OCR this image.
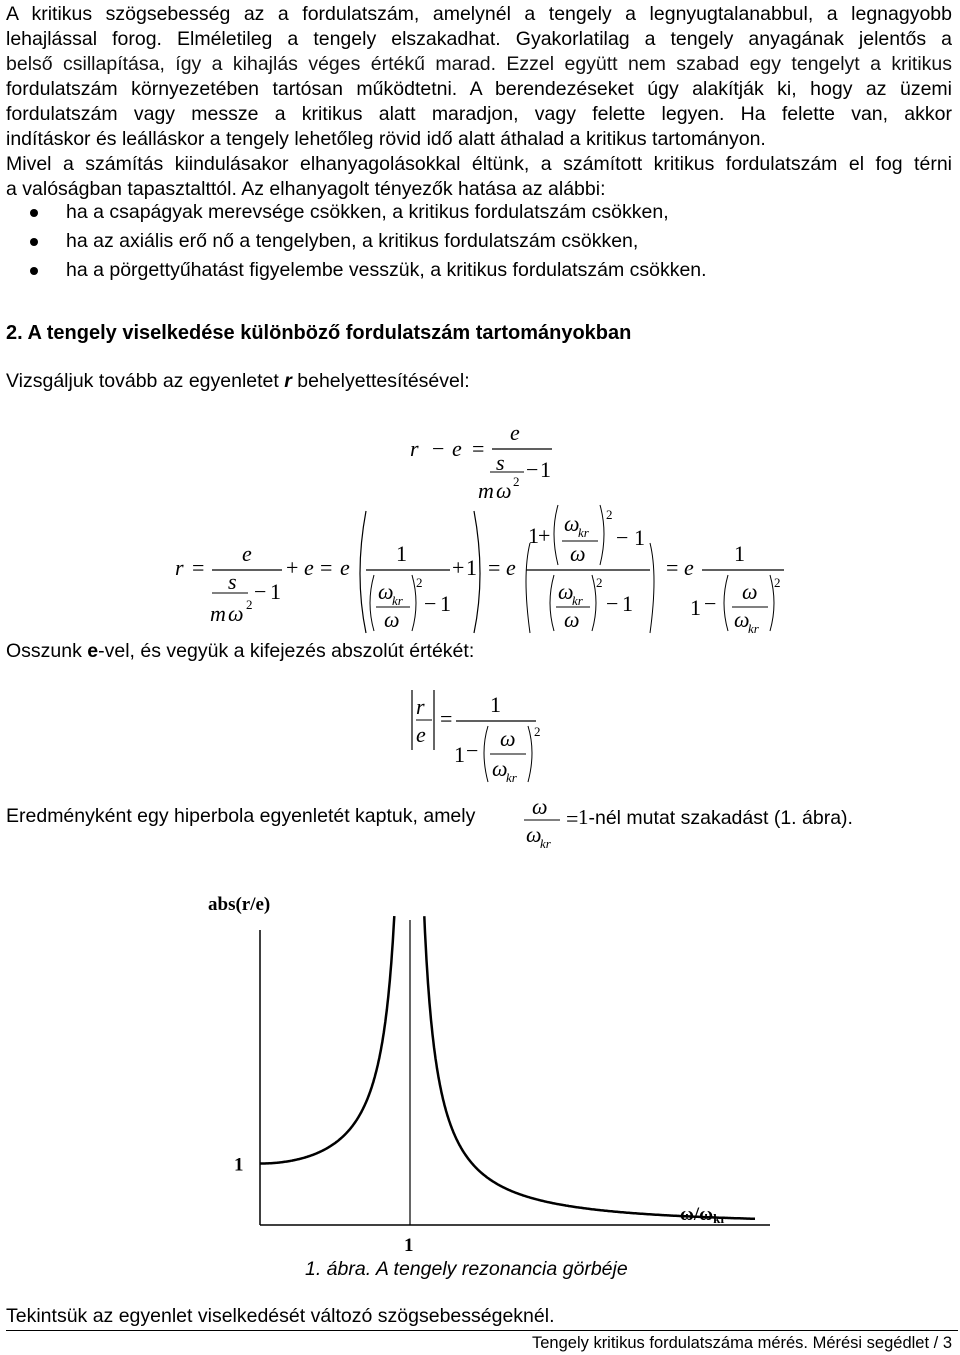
A kritikus szögsebesség az a fordulatszám, amelynél a tengely a legnyugtalanabbul, a legnagyobb
lehajlással forog. Elméletileg a tengely elszakadhat. Gyakorlatilag a tengely anyagának jelentős a
belső csillapítása, így a kihajlás véges értékű marad. Ezzel együtt nem szabad egy tengelyt a kritikus
fordulatszám környezetében tartósan működtetni. A berendezéseket úgy alakítják ki, hogy az üzemi
fordulatszám vagy messze a kritikus alatt maradjon, vagy felette legyen. Ha felette van, akkor
indításkor és leálláskor a tengely lehetőleg rövid idő alatt áthalad a kritikus tartományon.
Mivel a számítás kiindulásakor elhanyagolásokkal éltünk, a számított kritikus fordulatszám el fog térni
a valóságban tapasztalttól. Az elhanyagolt tényezők hatása az alábbi:
ha a csapágyak merevsége csökken, a kritikus fordulatszám csökken,
ha az axiális erő nő a tengelyben, a kritikus fordulatszám csökken,
ha a pörgettyűhatást figyelembe vesszük, a kritikus fordulatszám csökken.
2. A tengely viselkedése különböző fordulatszám tartományokban
Vizsgáljuk tovább az egyenletet r behelyettesítésével:
r − e =
e
s
m ω 2 − 1
r =
e
s
m ω 2
− 1
+ e = e
1
ω
kr
ω
2
− 1
+ 1 = e
1 + ω
kr
ω
2
− 1
ω
kr
ω
2
− 1
= e
1
1 − ω
ω
kr
2
Osszunk e-vel, és vegyük a kifejezés abszolút értékét:
r
e
=
1
1 − ω
ω
kr
2
Eredményként egy hiperbola egyenletét kaptuk, amely	ω
ω
kr
= 1-nél mutat szakadást (1. ábra).
abs(r/e)
1
1
ω/ωkr
1. ábra. A tengely rezonancia görbéje
Tekintsük az egyenlet viselkedését változó szögsebességeknél.
Tengely kritikus fordulatszáma mérés. Mérési segédlet / 3
